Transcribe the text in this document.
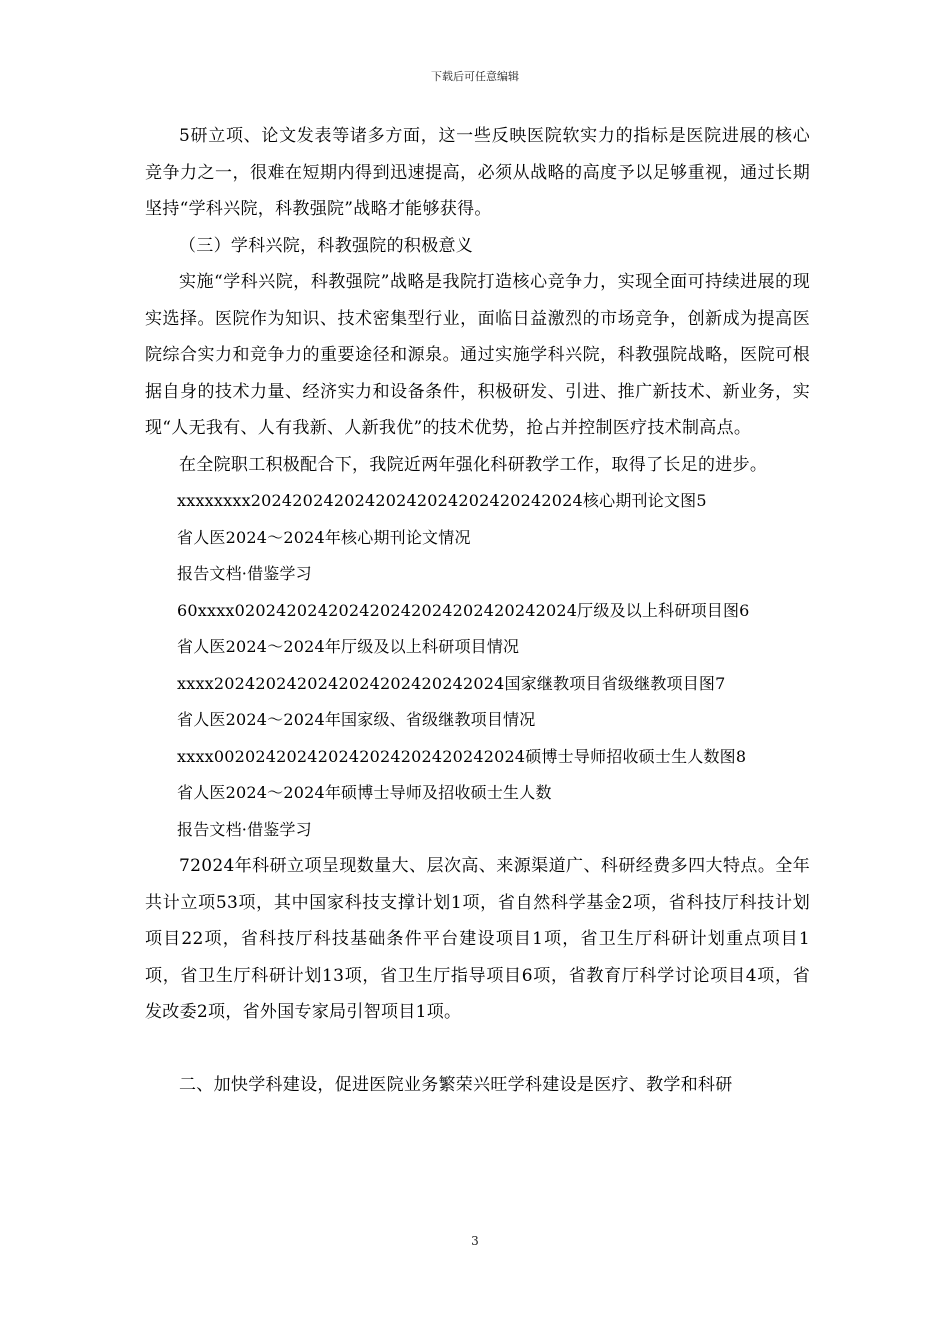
下载后可任意编辑

5研立项、论文发表等诸多方面，这一些反映医院软实力的指标是医院进展的核心竞争力之一，很难在短期内得到迅速提高，必须从战略的高度予以足够重视，通过长期坚持“学科兴院，科教强院”战略才能够获得。

（三）学科兴院，科教强院的积极意义

实施“学科兴院，科教强院”战略是我院打造核心竞争力，实现全面可持续进展的现实选择。医院作为知识、技术密集型行业，面临日益激烈的市场竞争，创新成为提高医院综合实力和竞争力的重要途径和源泉。通过实施学科兴院，科教强院战略，医院可根据自身的技术力量、经济实力和设备条件，积极研发、引进、推广新技术、新业务，实现“人无我有、人有我新、人新我优”的技术优势，抢占并控制医疗技术制高点。

在全院职工积极配合下，我院近两年强化科研教学工作，取得了长足的进步。

xxxxxxxx20242024202420242024202420242024核心期刊论文图5

省人医2024～2024年核心期刊论文情况

报告文档·借鉴学习

60xxxx020242024202420242024202420242024厅级及以上科研项目图6

省人医2024～2024年厅级及以上科研项目情况

xxxx2024202420242024202420242024国家继教项目省级继教项目图7

省人医2024～2024年国家级、省级继教项目情况

xxxx002024202420242024202420242024硕博士导师招收硕士生人数图8

省人医2024～2024年硕博士导师及招收硕士生人数

报告文档·借鉴学习

72024年科研立项呈现数量大、层次高、来源渠道广、科研经费多四大特点。全年共计立项53项，其中国家科技支撑计划1项，省自然科学基金2项，省科技厅科技计划项目22项，省科技厅科技基础条件平台建设项目1项，省卫生厅科研计划重点项目1项，省卫生厅科研计划13项，省卫生厅指导项目6项，省教育厅科学讨论项目4项，省发改委2项，省外国专家局引智项目1项。

二、加快学科建设，促进医院业务繁荣兴旺学科建设是医疗、教学和科研

3
